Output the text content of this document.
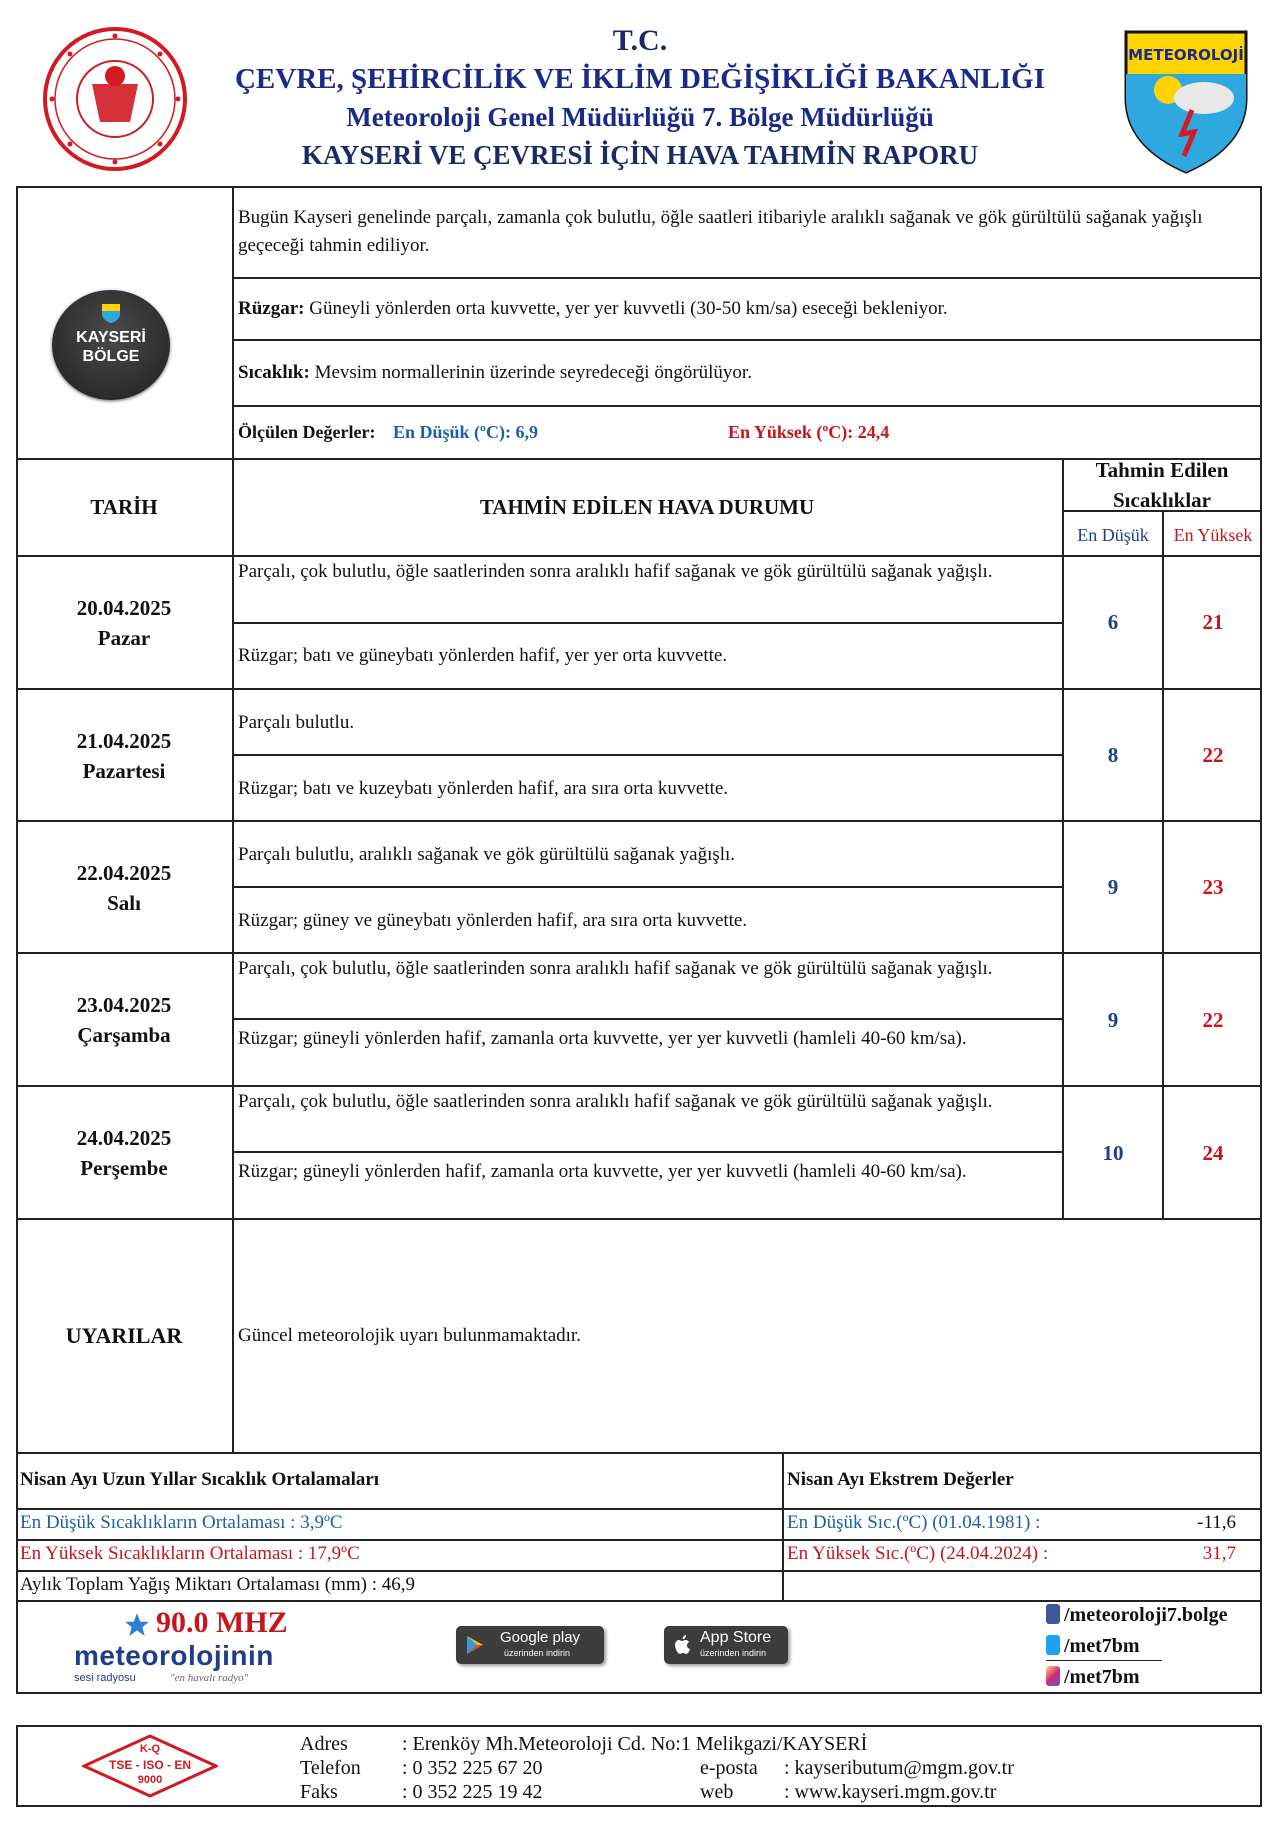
T.C.
ÇEVRE, ŞEHİRCİLİK VE İKLİM DEĞİŞİKLİĞİ BAKANLIĞI
Meteoroloji Genel Müdürlüğü 7. Bölge Müdürlüğü
KAYSERİ VE ÇEVRESİ İÇİN HAVA TAHMİN RAPORU
METEOROLOJİ
KAYSERİ
BÖLGE
Bugün Kayseri genelinde parçalı, zamanla çok bulutlu, öğle saatleri itibariyle aralıklı sağanak ve gök gürültülü sağanak yağışlı geçeceği tahmin ediliyor.
Rüzgar: Güneyli yönlerden orta kuvvette, yer yer kuvvetli (30-50 km/sa) eseceği bekleniyor.
Sıcaklık: Mevsim normallerinin üzerinde seyredeceği öngörülüyor.
Ölçülen Değerler: En Düşük (ºC): 6,9	En Yüksek (ºC): 24,4
TARİH	TAHMİN EDİLEN HAVA DURUMU
Tahmin Edilen
Sıcaklıklar
En Düşük	En Yüksek
20.04.2025
Pazar
Parçalı, çok bulutlu, öğle saatlerinden sonra aralıklı hafif sağanak ve gök gürültülü sağanak yağışlı.
Rüzgar; batı ve güneybatı yönlerden hafif, yer yer orta kuvvette.
6	21
21.04.2025
Pazartesi
Parçalı bulutlu.
Rüzgar; batı ve kuzeybatı yönlerden hafif, ara sıra orta kuvvette.
8	22
22.04.2025
Salı
Parçalı bulutlu, aralıklı sağanak ve gök gürültülü sağanak yağışlı.
Rüzgar; güney ve güneybatı yönlerden hafif, ara sıra orta kuvvette.
9	23
23.04.2025
Çarşamba
Parçalı, çok bulutlu, öğle saatlerinden sonra aralıklı hafif sağanak ve gök gürültülü sağanak yağışlı.
Rüzgar; güneyli yönlerden hafif, zamanla orta kuvvette, yer yer kuvvetli (hamleli 40-60 km/sa).
9	22
24.04.2025
Perşembe
Parçalı, çok bulutlu, öğle saatlerinden sonra aralıklı hafif sağanak ve gök gürültülü sağanak yağışlı.
Rüzgar; güneyli yönlerden hafif, zamanla orta kuvvette, yer yer kuvvetli (hamleli 40-60 km/sa).
10	24
UYARILAR	Güncel meteorolojik uyarı bulunmamaktadır.
Nisan Ayı Uzun Yıllar Sıcaklık Ortalamaları	Nisan Ayı Ekstrem Değerler
En Düşük Sıcaklıkların Ortalaması : 3,9ºC
En Yüksek Sıcaklıkların Ortalaması : 17,9ºC
Aylık Toplam Yağış Miktarı Ortalaması (mm) : 46,9
En Düşük Sıc.(ºC) (01.04.1981) :	-11,6
En Yüksek Sıc.(ºC) (24.04.2024) :	31,7
90.0 MHZ
meteorolojinin
sesi radyosu	"en havalı radyo"
Google play
üzerinden indirin
App Store
üzerinden indirin
/meteoroloji7.bolge
/met7bm
/met7bm
K-Q
TSE - ISO - EN
9000
Adres	: Erenköy Mh.Meteoroloji Cd. No:1 Melikgazi/KAYSERİ
Telefon : 0 352 225 67 20
Faks	: 0 352 225 19 42
e-posta : kayseributum@mgm.gov.tr
web	: www.kayseri.mgm.gov.tr
